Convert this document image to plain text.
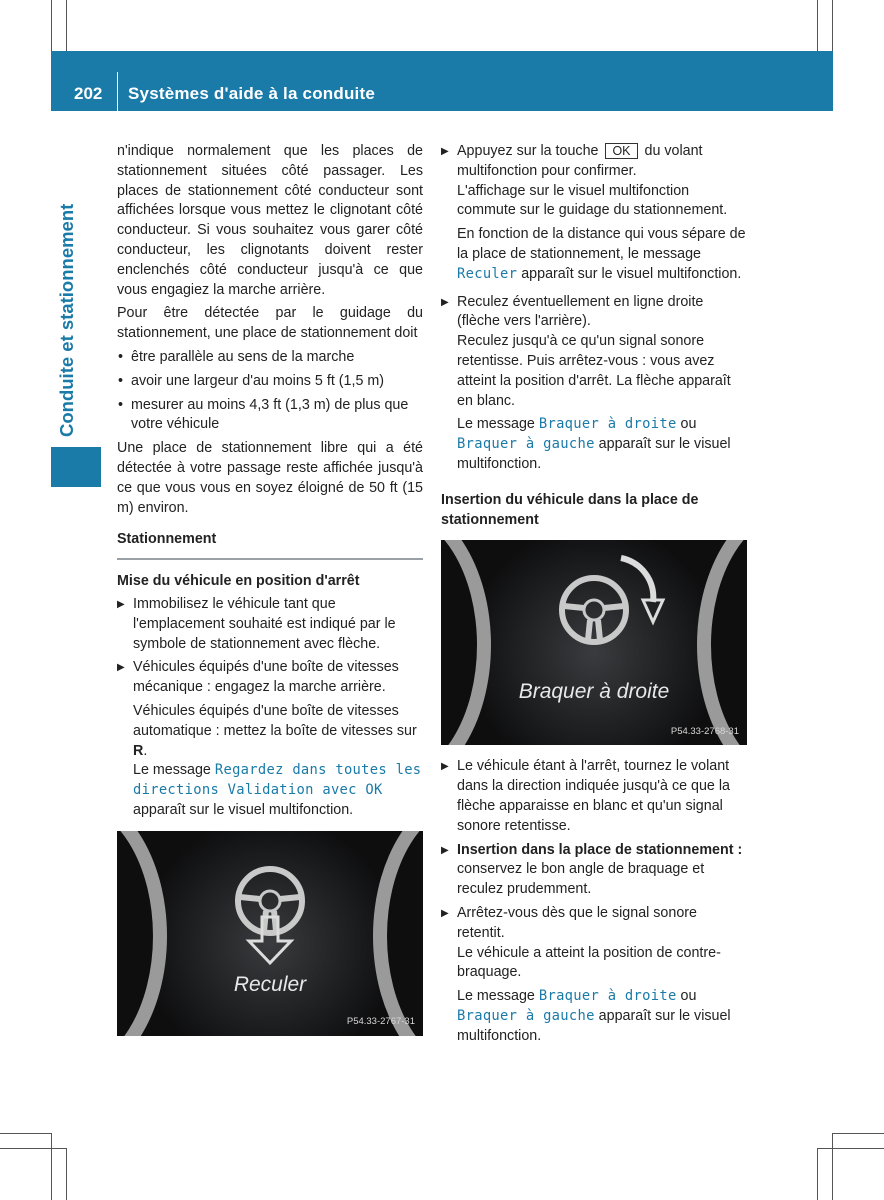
202 Systèmes d'aide à la conduite
Conduite et stationnement

n'indique normalement que les places de stationnement situées côté passager. Les places de stationnement côté conducteur sont affichées lorsque vous mettez le clignotant côté conducteur. Si vous souhaitez vous garer côté conducteur, les clignotants doivent rester enclenchés côté conducteur jusqu'à ce que vous engagiez la marche arrière.

Pour être détectée par le guidage du stationnement, une place de stationnement doit

• être parallèle au sens de la marche
• avoir une largeur d'au moins 5 ft (1,5 m)
• mesurer au moins 4,3 ft (1,3 m) de plus que votre véhicule

Une place de stationnement libre qui a été détectée à votre passage reste affichée jusqu'à ce que vous vous en soyez éloigné de 50 ft (15 m) environ.

Stationnement
Mise du véhicule en position d'arrêt
▶ Immobilisez le véhicule tant que l'emplacement souhaité est indiqué par le symbole de stationnement avec flèche.
▶ Véhicules équipés d'une boîte de vitesses mécanique : engagez la marche arrière.
Véhicules équipés d'une boîte de vitesses automatique : mettez la boîte de vitesses sur R.
Le message Regardez dans toutes les directions Validation avec OK apparaît sur le visuel multifonction.
Reculer
P54.33-2767-31
▶ Appuyez sur la touche OK du volant multifonction pour confirmer.
L'affichage sur le visuel multifonction commute sur le guidage du stationnement.
En fonction de la distance qui vous sépare de la place de stationnement, le message Reculer apparaît sur le visuel multifonction.
▶ Reculez éventuellement en ligne droite (flèche vers l'arrière).
Reculez jusqu'à ce qu'un signal sonore retentisse. Puis arrêtez-vous : vous avez atteint la position d'arrêt. La flèche apparaît en blanc.
Le message Braquer à droite ou Braquer à gauche apparaît sur le visuel multifonction.
Insertion du véhicule dans la place de stationnement
Braquer à droite
P54.33-2768-31
▶ Le véhicule étant à l'arrêt, tournez le volant dans la direction indiquée jusqu'à ce que la flèche apparaisse en blanc et qu'un signal sonore retentisse.
▶ Insertion dans la place de stationnement : conservez le bon angle de braquage et reculez prudemment.
▶ Arrêtez-vous dès que le signal sonore retentit.
Le véhicule a atteint la position de contre-braquage.
Le message Braquer à droite ou Braquer à gauche apparaît sur le visuel multifonction.
